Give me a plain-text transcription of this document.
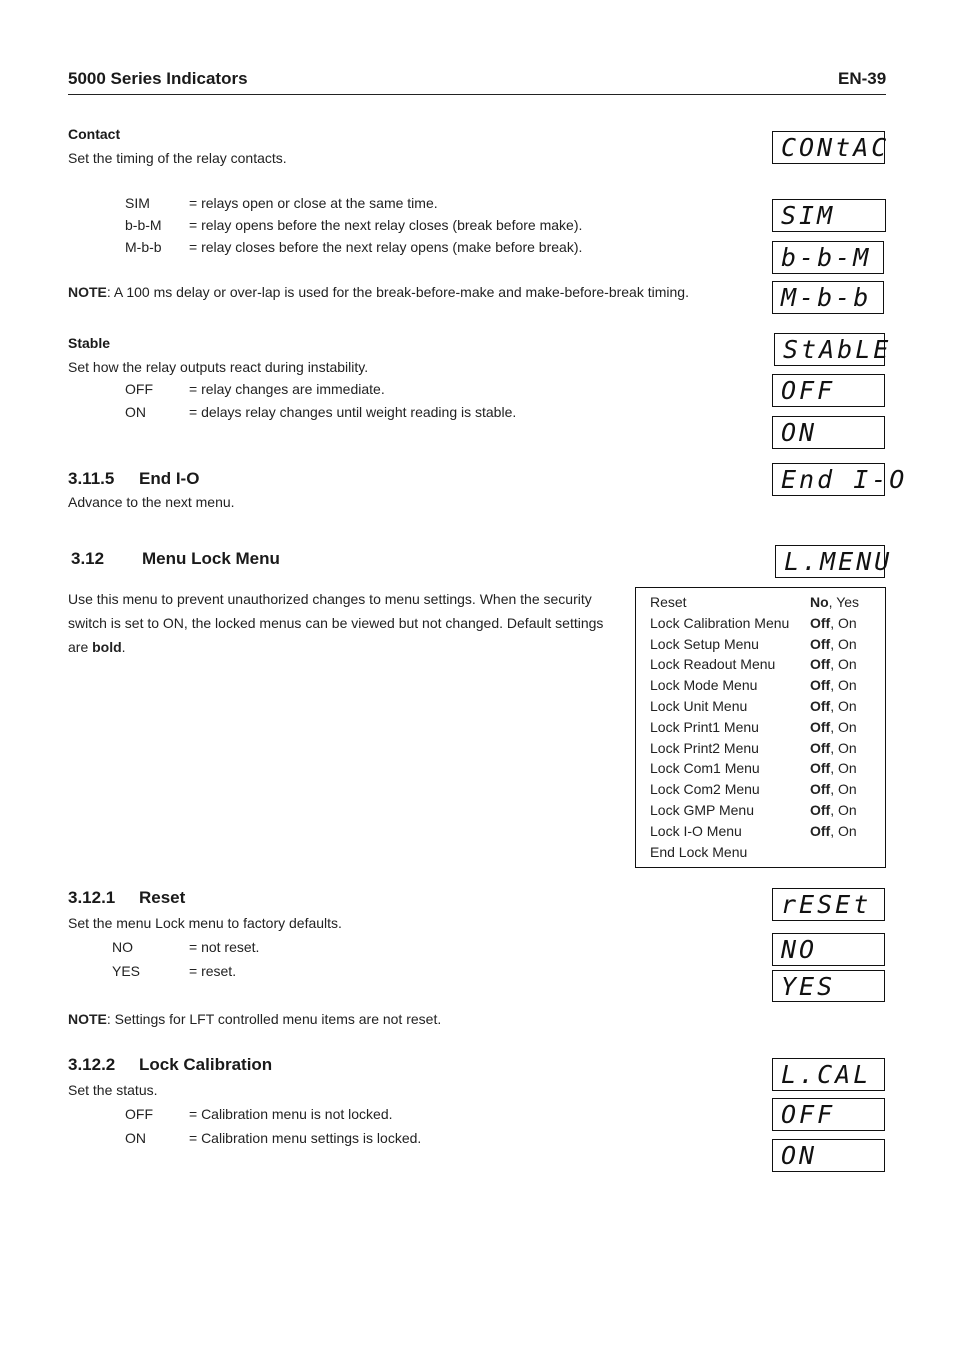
5000 Series Indicators	EN-39
Contact
Set the timing of the relay contacts.
SIM	= relays open or close at the same time.
b-b-M = relay opens before the next relay closes (break before make).
M-b-b = relay closes before the next relay opens (make before break).
NOTE: A 100 ms delay or over-lap is used for the break-before-make and make-before-break timing.
Stable
Set how the relay outputs react during instability.
OFF	= relay changes are immediate.
ON	= delays relay changes until weight reading is stable.
3.11.5 End I-O
Advance to the next menu.
3.12 Menu Lock Menu
Use this menu to prevent unauthorized changes to menu settings. When the security
switch is set to ON, the locked menus can be viewed but not changed. Default settings
are bold.
Reset	No, Yes
Lock Calibration Menu Off, On
Lock Setup Menu	Off, On
Lock Readout Menu Off, On
Lock Mode Menu	Off, On
Lock Unit Menu	Off, On
Lock Print1 Menu	Off, On
Lock Print2 Menu	Off, On
Lock Com1 Menu	Off, On
Lock Com2 Menu	Off, On
Lock GMP Menu	Off, On
Lock I-O Menu	Off, On
End Lock Menu
3.12.1 Reset
Set the menu Lock menu to factory defaults.
NO	= not reset.
YES	= reset.
NOTE: Settings for LFT controlled menu items are not reset.
3.12.2 Lock Calibration
Set the status.
OFF	= Calibration menu is not locked.
ON	= Calibration menu settings is locked.
CONtAC
SIM
b-b-M
M-b-b
StAbLE
OFF
ON
End I-O
L.MENU
rESEt
NO
YES
L.CAL
OFF
ON
